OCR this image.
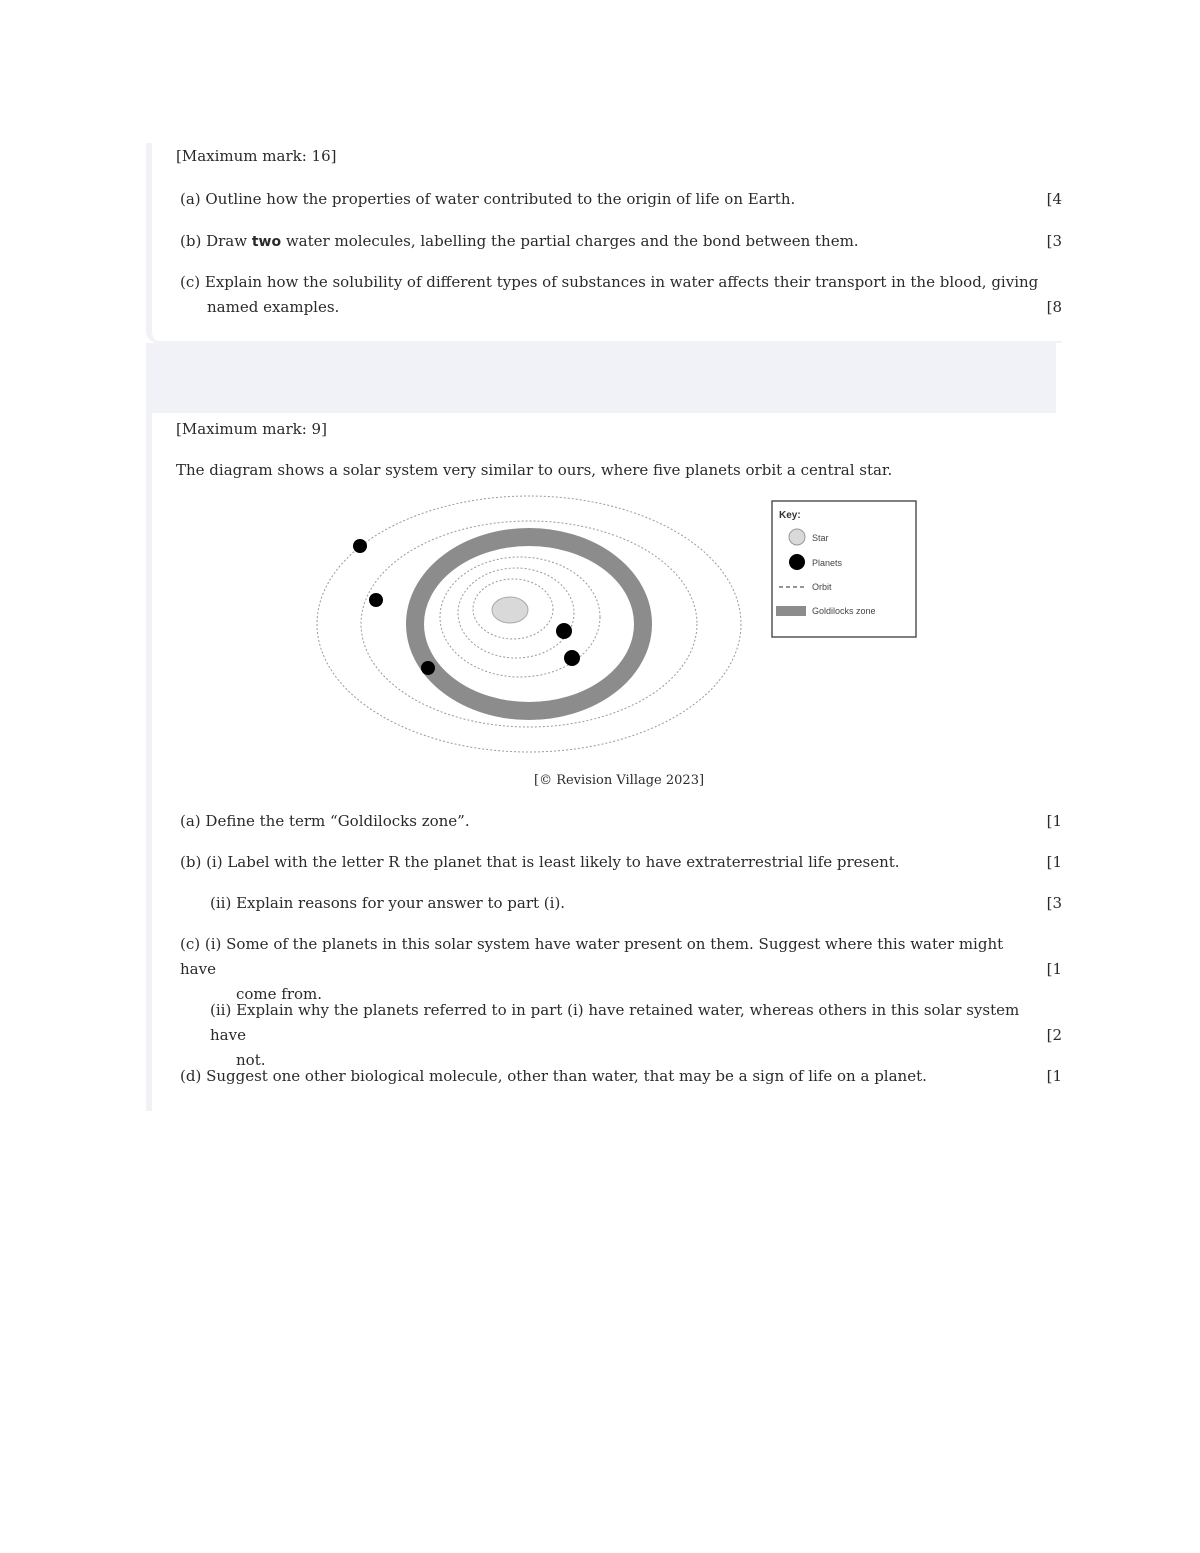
[Maximum mark: 16]
(a) Outline how the properties of water contributed to the origin of life on Earth.	[4
(b) Draw two water molecules, labelling the partial charges and the bond between them.	[3
(c) Explain how the solubility of different types of substances in water affects their transport in the blood, giving
named examples.	[8
[Maximum mark: 9]
The diagram shows a solar system very similar to ours, where five planets orbit a central star.
Key:
Star
Planets
Orbit
Goldilocks zone
[© Revision Village 2023]
(a) Define the term “Goldilocks zone”.	[1
(b) (i) Label with the letter R the planet that is least likely to have extraterrestrial life present.	[1
(ii) Explain reasons for your answer to part (i).	[3
(c) (i) Some of the planets in this solar system have water present on them. Suggest where this water might have
come from.
[1
(ii) Explain why the planets referred to in part (i) have retained water, whereas others in this solar system have
not.
[2
(d) Suggest one other biological molecule, other than water, that may be a sign of life on a planet.	[1
